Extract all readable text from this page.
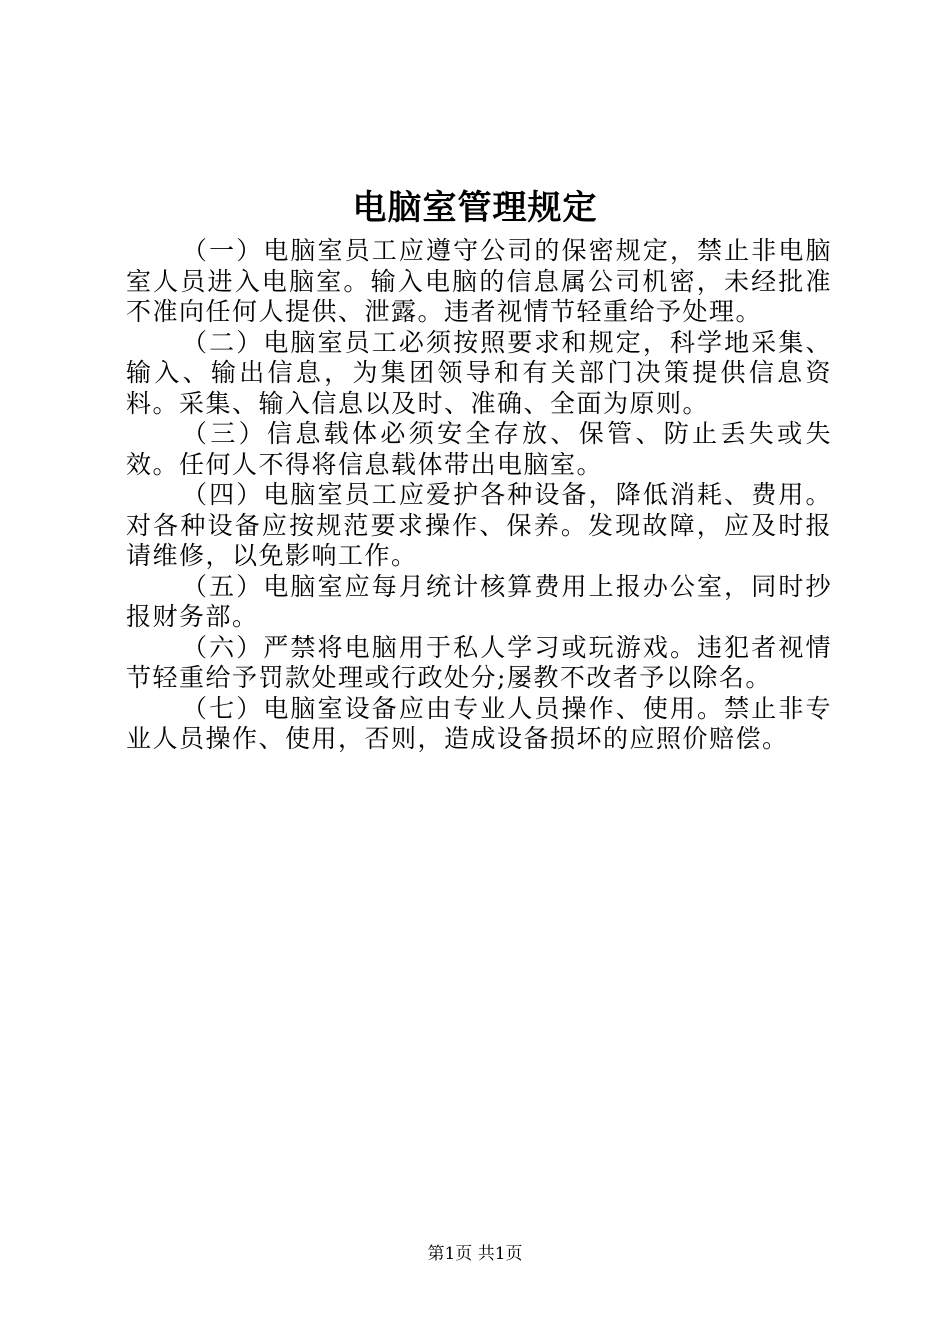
电脑室管理规定

（一）电脑室员工应遵守公司的保密规定，禁止非电脑室人员进入电脑室。输入电脑的信息属公司机密，未经批准不准向任何人提供、泄露。违者视情节轻重给予处理。

（二）电脑室员工必须按照要求和规定，科学地采集、输入、输出信息，为集团领导和有关部门决策提供信息资料。采集、输入信息以及时、准确、全面为原则。

（三）信息载体必须安全存放、保管、防止丢失或失效。任何人不得将信息载体带出电脑室。

（四）电脑室员工应爱护各种设备，降低消耗、费用。对各种设备应按规范要求操作、保养。发现故障，应及时报请维修，以免影响工作。

（五）电脑室应每月统计核算费用上报办公室，同时抄报财务部。

（六）严禁将电脑用于私人学习或玩游戏。违犯者视情节轻重给予罚款处理或行政处分;屡教不改者予以除名。

（七）电脑室设备应由专业人员操作、使用。禁止非专业人员操作、使用，否则，造成设备损坏的应照价赔偿。

第1页 共1页
